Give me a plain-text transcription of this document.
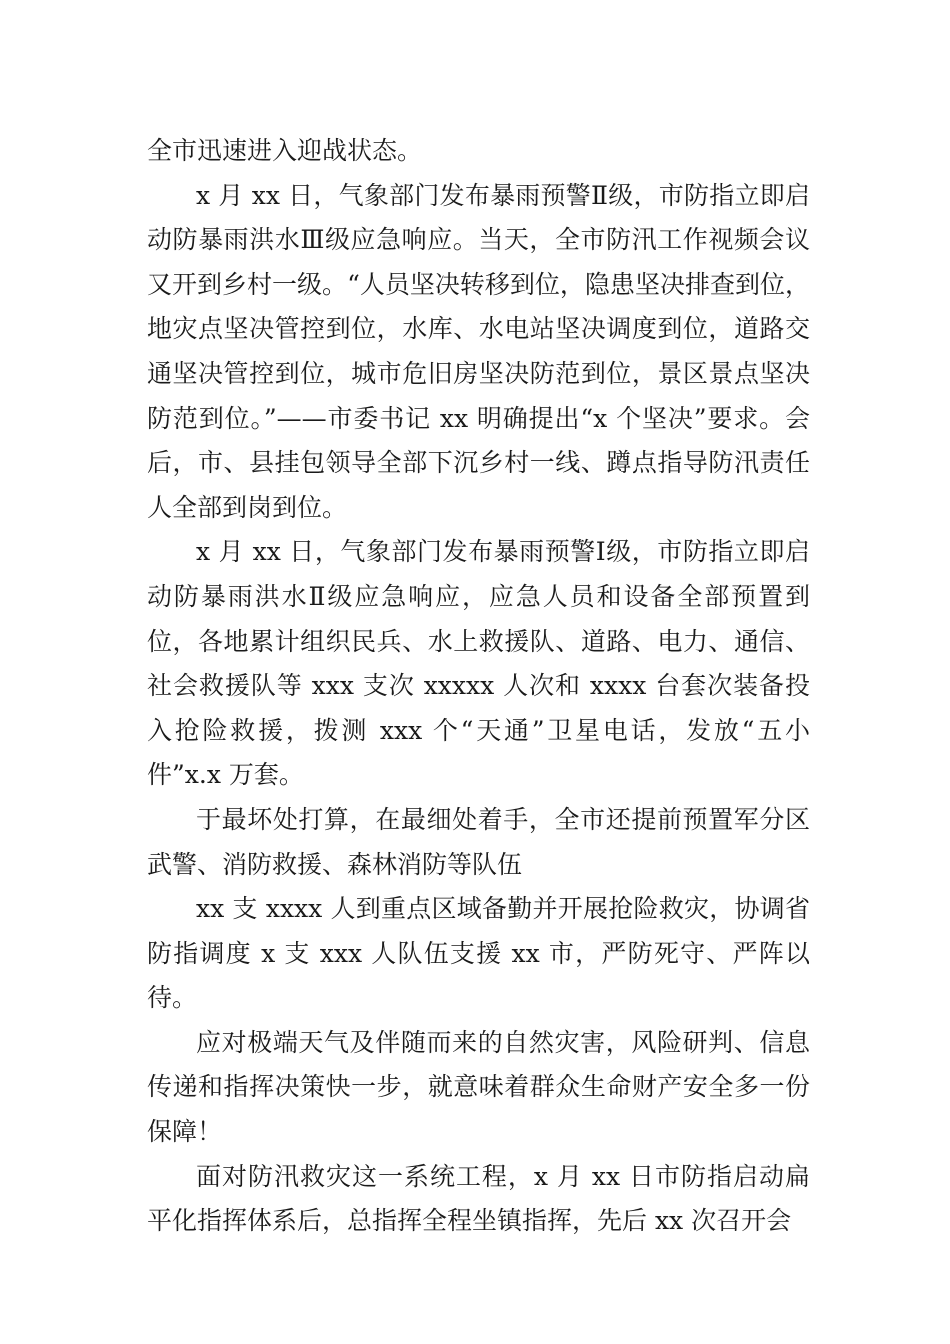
全市迅速进入迎战状态。

x 月 xx 日，气象部门发布暴雨预警Ⅱ级，市防指立即启动防暴雨洪水Ⅲ级应急响应。当天，全市防汛工作视频会议又开到乡村一级。“人员坚决转移到位，隐患坚决排查到位，地灾点坚决管控到位，水库、水电站坚决调度到位，道路交通坚决管控到位，城市危旧房坚决防范到位，景区景点坚决防范到位。”——市委书记 xx 明确提出“x 个坚决”要求。会后，市、县挂包领导全部下沉乡村一线、蹲点指导防汛责任人全部到岗到位。

x 月 xx 日，气象部门发布暴雨预警Ⅰ级，市防指立即启动防暴雨洪水Ⅱ级应急响应，应急人员和设备全部预置到位，各地累计组织民兵、水上救援队、道路、电力、通信、社会救援队等 xxx 支次 xxxxx 人次和 xxxx 台套次装备投入抢险救援，拨测 xxx 个“天通”卫星电话，发放“五小件”x.x 万套。

于最坏处打算，在最细处着手，全市还提前预置军分区武警、消防救援、森林消防等队伍

xx 支 xxxx 人到重点区域备勤并开展抢险救灾，协调省防指调度 x 支 xxx 人队伍支援 xx 市，严防死守、严阵以待。

应对极端天气及伴随而来的自然灾害，风险研判、信息传递和指挥决策快一步，就意味着群众生命财产安全多一份保障！

面对防汛救灾这一系统工程，x 月 xx 日市防指启动扁平化指挥体系后，总指挥全程坐镇指挥，先后 xx 次召开会
